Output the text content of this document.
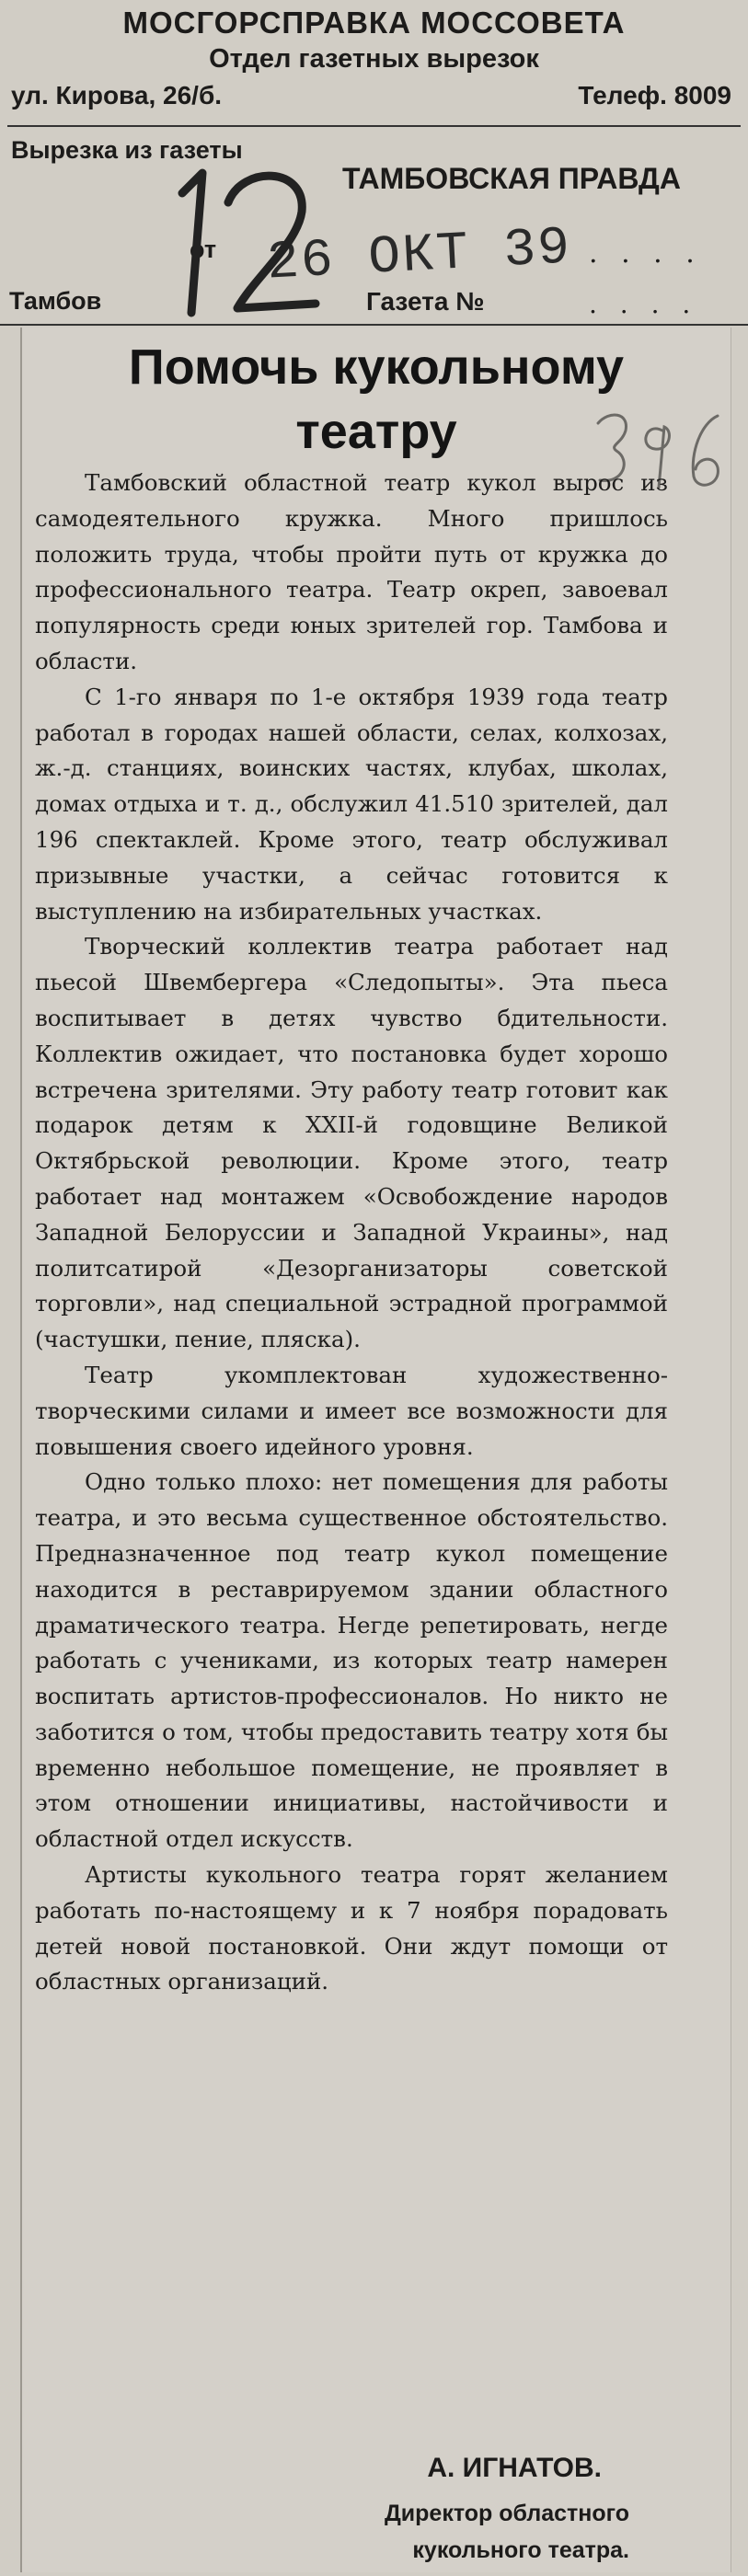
МОСГОРСПРАВКА МОССОВЕТА
Отдел газетных вырезок
ул. Кирова, 26/б.	Телеф. 8009
Вырезка из газеты
ТАМБОВСКАЯ ПРАВДА
от 26 ОКТ 39 . . . .
Тамбов	Газета №	. . . .
Помочь кукольному
театру

Тамбовский областной театр кукол вырос из самодеятельного кружка. Много пришлось положить труда, чтобы пройти путь от кружка до профессионального театра. Театр окреп, завоевал популярность среди юных зрителей гор. Тамбова и области.

С 1-го января по 1-е октября 1939 года театр работал в городах нашей области, селах, колхозах, ж.-д. станциях, воинских частях, клубах, школах, домах отдыха и т. д., обслужил 41.510 зрителей, дал 196 спектаклей. Кроме этого, театр обслуживал призывные участки, а сейчас готовится к выступлению на избирательных участках.

Творческий коллектив театра работает над пьесой Швембергера «Следопыты». Эта пьеса воспитывает в детях чувство бдительности. Коллектив ожидает, что постановка будет хорошо встречена зрителями. Эту работу театр готовит как подарок детям к XXII-й годовщине Великой Октябрьской революции. Кроме этого, театр работает над монтажем «Освобождение народов Западной Белоруссии и Западной Украины», над политсатирой «Дезорганизаторы советской торговли», над специальной эстрадной программой (частушки, пение, пляска).

Театр укомплектован художественно-творческими силами и имеет все возможности для повышения своего идейного уровня.

Одно только плохо: нет помещения для работы театра, и это весьма существенное обстоятельство. Предназначенное под театр кукол помещение находится в реставрируемом здании областного драматического театра. Негде репетировать, негде работать с учениками, из которых театр намерен воспитать артистов-профессионалов. Но никто не заботится о том, чтобы предоставить театру хотя бы временно небольшое помещение, не проявляет в этом отношении инициативы, настойчивости и областной отдел искусств.

Артисты кукольного театра горят желанием работать по-настоящему и к 7 ноября порадовать детей новой постановкой. Они ждут помощи от областных организаций.

А. ИГНАТОВ.
Директор областного
кукольного театра.
